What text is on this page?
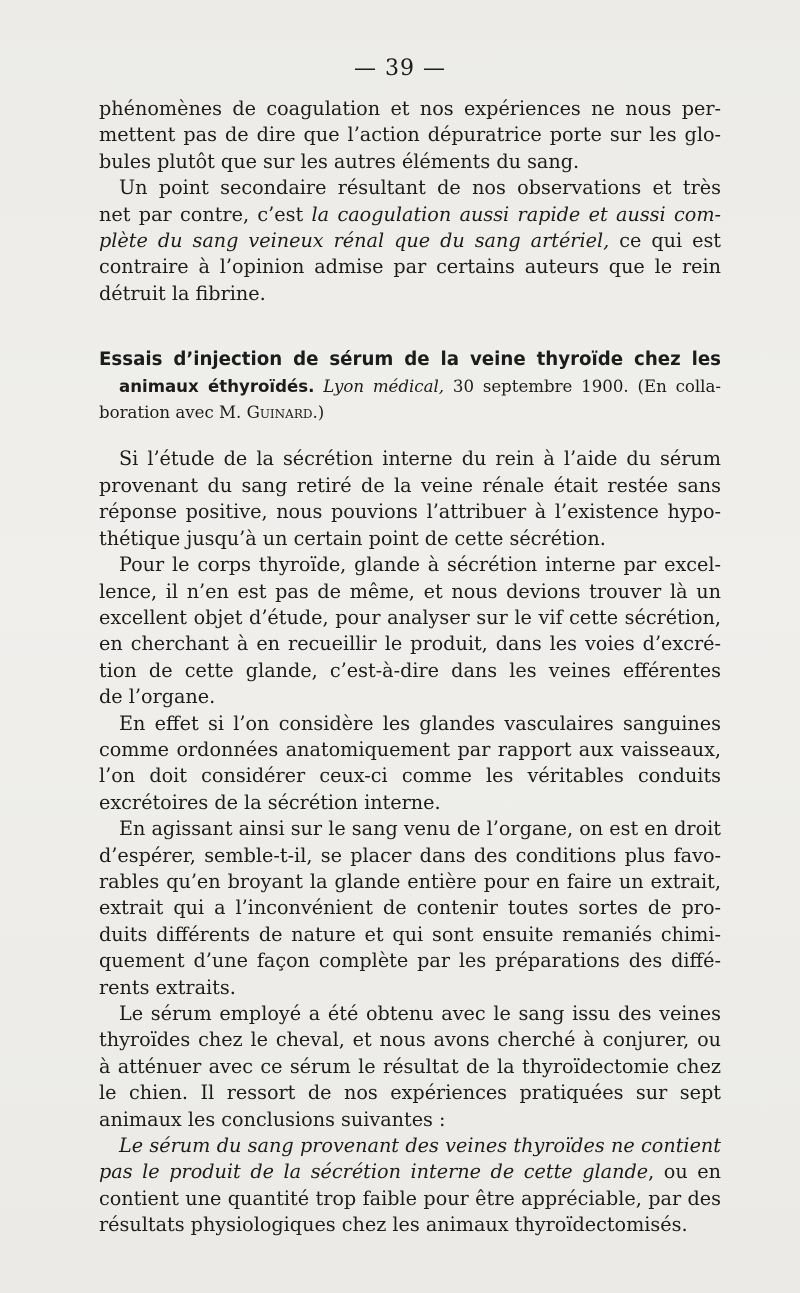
— 39 —
phénomènes de coagulation et nos expériences ne nous per-
mettent pas de dire que l’action dépuratrice porte sur les glo-
bules plutôt que sur les autres éléments du sang.
Un point secondaire résultant de nos observations et très
net par contre, c’est la caogulation aussi rapide et aussi com-
plète du sang veineux rénal que du sang artériel, ce qui est
contraire à l’opinion admise par certains auteurs que le rein
détruit la fibrine.
Essais d’injection de sérum de la veine thyroïde chez les
animaux éthyroïdés. Lyon médical, 30 septembre 1900. (En colla-
boration avec M. Guinard.)
Si l’étude de la sécrétion interne du rein à l’aide du sérum
provenant du sang retiré de la veine rénale était restée sans
réponse positive, nous pouvions l’attribuer à l’existence hypo-
thétique jusqu’à un certain point de cette sécrétion.
Pour le corps thyroïde, glande à sécrétion interne par excel-
lence, il n’en est pas de même, et nous devions trouver là un
excellent objet d’étude, pour analyser sur le vif cette sécrétion,
en cherchant à en recueillir le produit, dans les voies d’excré-
tion de cette glande, c’est-à-dire dans les veines efférentes
de l’organe.
En effet si l’on considère les glandes vasculaires sanguines
comme ordonnées anatomiquement par rapport aux vaisseaux,
l’on doit considérer ceux-ci comme les véritables conduits
excrétoires de la sécrétion interne.
En agissant ainsi sur le sang venu de l’organe, on est en droit
d’espérer, semble-t-il, se placer dans des conditions plus favo-
rables qu’en broyant la glande entière pour en faire un extrait,
extrait qui a l’inconvénient de contenir toutes sortes de pro-
duits différents de nature et qui sont ensuite remaniés chimi-
quement d’une façon complète par les préparations des diffé-
rents extraits.
Le sérum employé a été obtenu avec le sang issu des veines
thyroïdes chez le cheval, et nous avons cherché à conjurer, ou
à atténuer avec ce sérum le résultat de la thyroïdectomie chez
le chien. Il ressort de nos expériences pratiquées sur sept
animaux les conclusions suivantes :
Le sérum du sang provenant des veines thyroïdes ne contient
pas le produit de la sécrétion interne de cette glande, ou en
contient une quantité trop faible pour être appréciable, par des
résultats physiologiques chez les animaux thyroïdectomisés.
